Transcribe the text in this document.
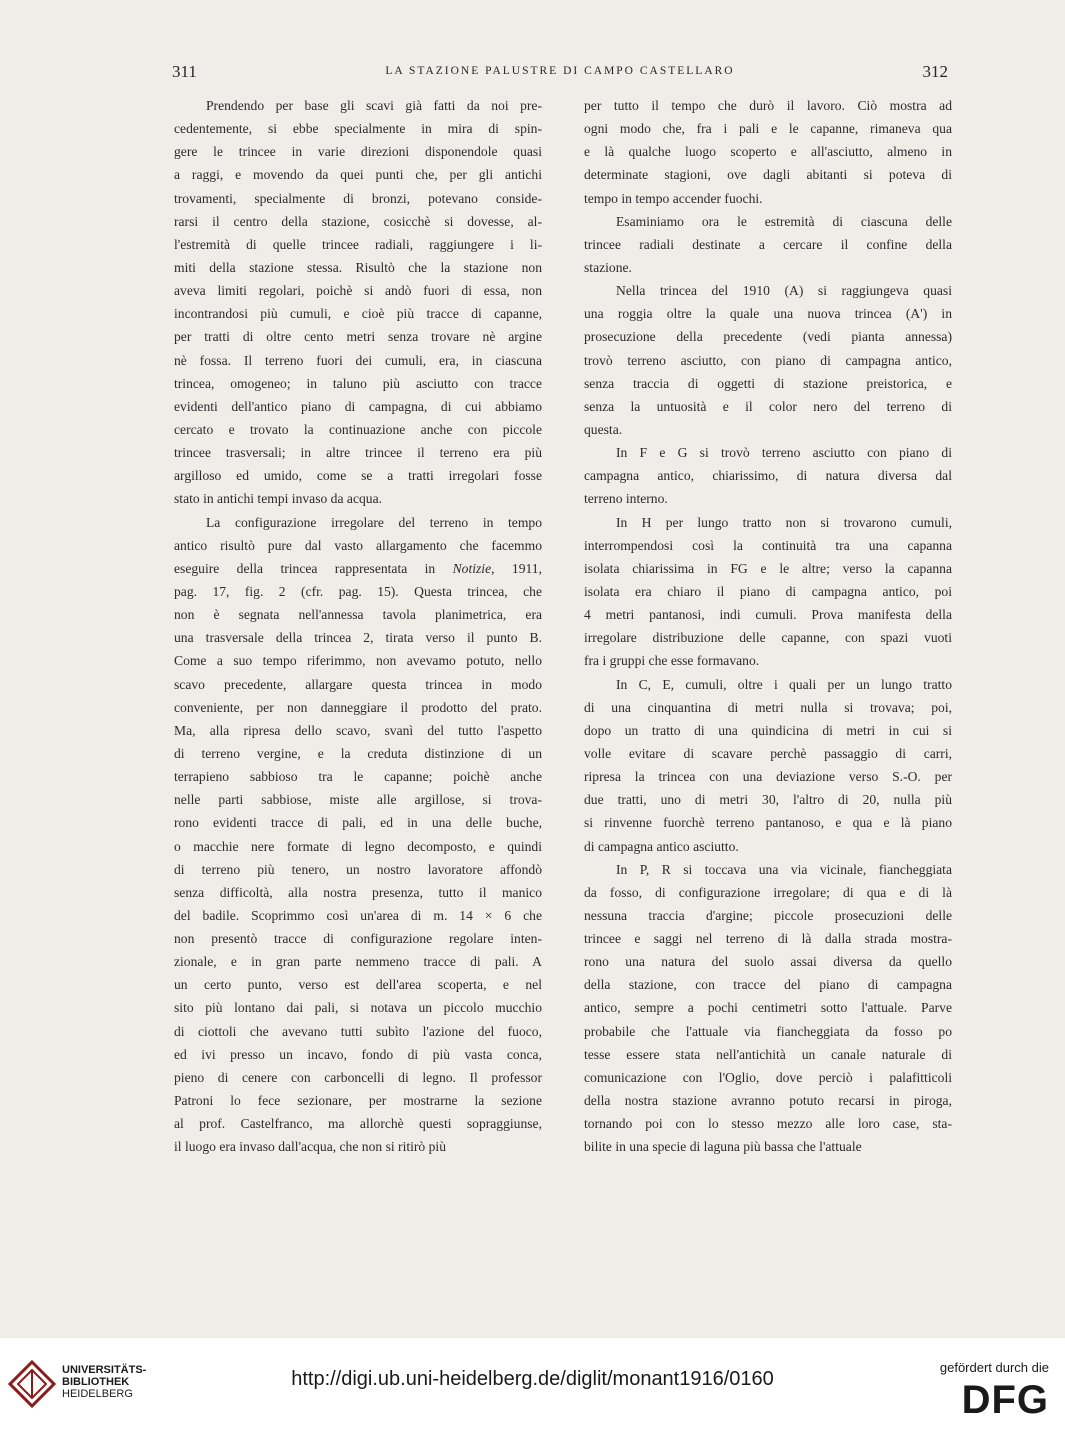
311	LA STAZIONE PALUSTRE DI CAMPO CASTELLARO	312
Prendendo per base gli scavi già fatti da noi pre-
cedentemente, si ebbe specialmente in mira di spin-
gere le trincee in varie direzioni disponendole quasi
a raggi, e movendo da quei punti che, per gli antichi
trovamenti, specialmente di bronzi, potevano conside-
rarsi il centro della stazione, cosicchè si dovesse, al-
l'estremità di quelle trincee radiali, raggiungere i li-
miti della stazione stessa. Risultò che la stazione non
aveva limiti regolari, poichè si andò fuori di essa, non
incontrandosi più cumuli, e cioè più tracce di capanne,
per tratti di oltre cento metri senza trovare nè argine
nè fossa. Il terreno fuori dei cumuli, era, in ciascuna
trincea, omogeneo; in taluno più asciutto con tracce
evidenti dell'antico piano di campagna, di cui abbiamo
cercato e trovato la continuazione anche con piccole
trincee trasversali; in altre trincee il terreno era più
argilloso ed umido, come se a tratti irregolari fosse
stato in antichi tempi invaso da acqua.
La configurazione irregolare del terreno in tempo
antico risultò pure dal vasto allargamento che facemmo
eseguire della trincea rappresentata in Notizie, 1911,
pag. 17, fig. 2 (cfr. pag. 15). Questa trincea, che
non è segnata nell'annessa tavola planimetrica, era
una trasversale della trincea 2, tirata verso il punto B.
Come a suo tempo riferimmo, non avevamo potuto, nello
scavo precedente, allargare questa trincea in modo
conveniente, per non danneggiare il prodotto del prato.
Ma, alla ripresa dello scavo, svanì del tutto l'aspetto
di terreno vergine, e la creduta distinzione di un
terrapieno sabbioso tra le capanne; poichè anche
nelle parti sabbiose, miste alle argillose, si trova-
rono evidenti tracce di pali, ed in una delle buche,
o macchie nere formate di legno decomposto, e quindi
di terreno più tenero, un nostro lavoratore affondò
senza difficoltà, alla nostra presenza, tutto il manico
del badile. Scoprimmo così un'area di m. 14 × 6 che
non presentò tracce di configurazione regolare inten-
zionale, e in gran parte nemmeno tracce di pali. A
un certo punto, verso est dell'area scoperta, e nel
sito più lontano dai pali, si notava un piccolo mucchio
di ciottoli che avevano tutti subìto l'azione del fuoco,
ed ivi presso un incavo, fondo di più vasta conca,
pieno di cenere con carboncelli di legno. Il professor
Patroni lo fece sezionare, per mostrarne la sezione
al prof. Castelfranco, ma allorchè questi sopraggiunse,
il luogo era invaso dall'acqua, che non si ritirò più
per tutto il tempo che durò il lavoro. Ciò mostra ad
ogni modo che, fra i pali e le capanne, rimaneva qua
e là qualche luogo scoperto e all'asciutto, almeno in
determinate stagioni, ove dagli abitanti si poteva di
tempo in tempo accender fuochi.
Esaminiamo ora le estremità di ciascuna delle
trincee radiali destinate a cercare il confine della
stazione.
Nella trincea del 1910 (A) si raggiungeva quasi
una roggia oltre la quale una nuova trincea (A') in
prosecuzione della precedente (vedi pianta annessa)
trovò terreno asciutto, con piano di campagna antico,
senza traccia di oggetti di stazione preistorica, e
senza la untuosità e il color nero del terreno di
questa.
In F e G si trovò terreno asciutto con piano di
campagna antico, chiarissimo, di natura diversa dal
terreno interno.
In H per lungo tratto non si trovarono cumuli,
interrompendosi così la continuità tra una capanna
isolata chiarissima in FG e le altre; verso la capanna
isolata era chiaro il piano di campagna antico, poi
4 metri pantanosi, indi cumuli. Prova manifesta della
irregolare distribuzione delle capanne, con spazi vuoti
fra i gruppi che esse formavano.
In C, E, cumuli, oltre i quali per un lungo tratto
di una cinquantina di metri nulla si trovava; poi,
dopo un tratto di una quindicina di metri in cui si
volle evitare di scavare perchè passaggio di carri,
ripresa la trincea con una deviazione verso S.-O. per
due tratti, uno di metri 30, l'altro di 20, nulla più
si rinvenne fuorchè terreno pantanoso, e qua e là piano
di campagna antico asciutto.
In P, R si toccava una via vicinale, fiancheggiata
da fosso, di configurazione irregolare; di qua e di là
nessuna traccia d'argine; piccole prosecuzioni delle
trincee e saggi nel terreno di là dalla strada mostra-
rono una natura del suolo assai diversa da quello
della stazione, con tracce del piano di campagna
antico, sempre a pochi centimetri sotto l'attuale. Parve
probabile che l'attuale via fiancheggiata da fosso po
tesse essere stata nell'antichità un canale naturale di
comunicazione con l'Oglio, dove perciò i palafitticoli
della nostra stazione avranno potuto recarsi in piroga,
tornando poi con lo stesso mezzo alle loro case, sta-
bilite in una specie di laguna più bassa che l'attuale
UNIVERSITÄTS-
BIBLIOTHEK
HEIDELBERG
http://digi.ub.uni-heidelberg.de/diglit/monant1916/0160
gefördert durch die
DFG
